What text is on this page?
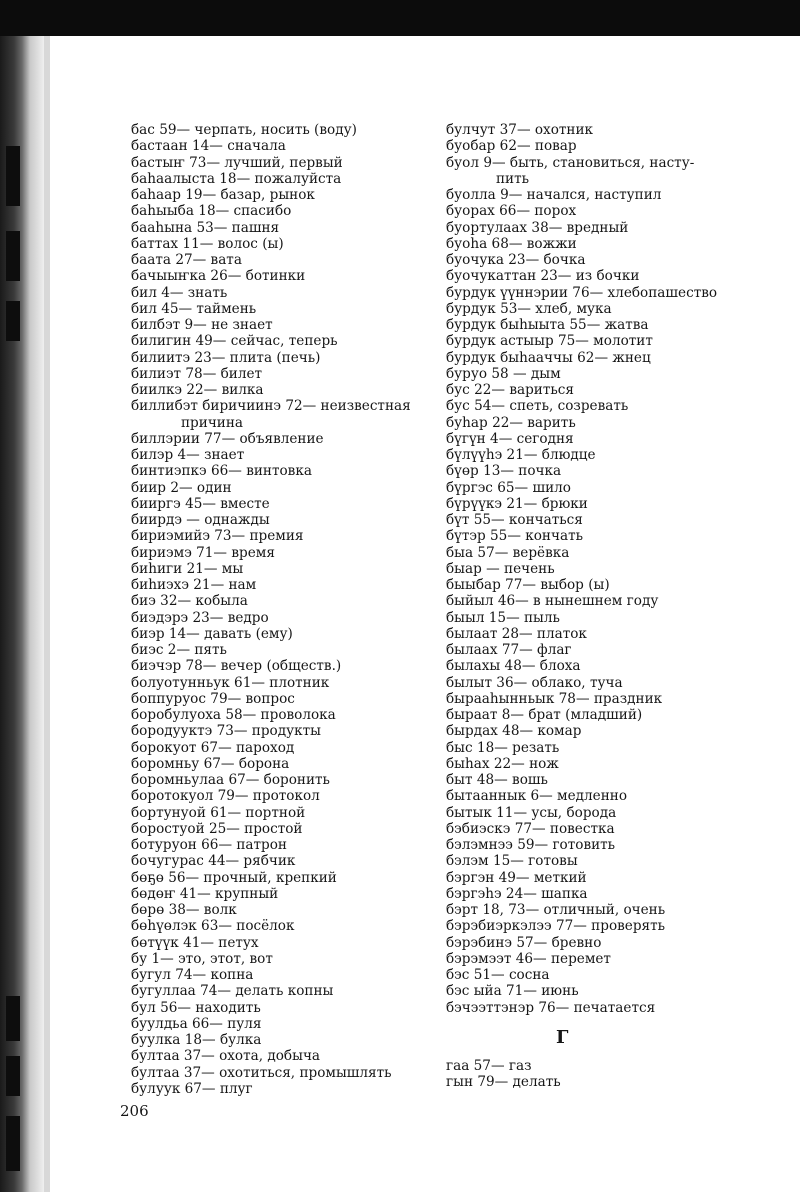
бас 59— черпать, носить (воду)
бастаан 14— сначала
бастыҥ 73— лучший, первый
баһаалыста 18— пожалуйста
баһаар 19— базар, рынок
баһыыба 18— спасибо
бааһына 53— пашня
баттах 11— волос (ы)
баата 27— вата
бачыыҥка 26— ботинки
бил 4— знать
бил 45— таймень
билбэт 9— не знает
билигин 49— сейчас, теперь
билиитэ 23— плита (печь)
билиэт 78— билет
биилкэ 22— вилка
биллибэт биричиинэ 72— неизвестная
причина
биллэрии 77— объявление
билэр 4— знает
бинтиэпкэ 66— винтовка
биир 2— один
бииргэ 45— вместе
биирдэ — однажды
бириэмийэ 73— премия
бириэмэ 71— время
биһиги 21— мы
биһиэхэ 21— нам
биэ 32— кобыла
биэдэрэ 23— ведро
биэр 14— давать (ему)
биэс 2— пять
биэчэр 78— вечер (обществ.)
болуотунньук 61— плотник
боппуруос 79— вопрос
боробулуоха 58— проволока
бородууктэ 73— продукты
борокуот 67— пароход
боромньу 67— борона
боромньулаа 67— боронить
боротокуол 79— протокол
бортунуой 61— портной
боростуой 25— простой
ботуруон 66— патрон
бочугурас 44— рябчик
бөҕө 56— прочный, крепкий
бөдөҥ 41— крупный
бөрө 38— волк
бөһүөлэк 63— посёлок
бөтүүк 41— петух
бу 1— это, этот, вот
бугул 74— копна
бугуллаа 74— делать копны
бул 56— находить
буулдьа 66— пуля
буулка 18— булка
бултаа 37— охота, добыча
бултаа 37— охотиться, промышлять
булуук 67— плуг
булчут 37— охотник
буобар 62— повар
буол 9— быть, становиться, насту-
пить
буолла 9— начался, наступил
буорах 66— порох
буортулаах 38— вредный
буоһа 68— вожжи
буочука 23— бочка
буочукаттан 23— из бочки
бурдук үүннэрии 76— хлебопашество
бурдук 53— хлеб, мука
бурдук быһыыта 55— жатва
бурдук астыыр 75— молотит
бурдук быһааччы 62— жнец
буруо 58 — дым
бус 22— вариться
бус 54— спеть, созревать
буһар 22— варить
бүгүн 4— сегодня
бүлүүһэ 21— блюдце
бүөр 13— почка
бүргэс 65— шило
бүрүүкэ 21— брюки
бүт 55— кончаться
бүтэр 55— кончать
быа 57— верёвка
быар — печень
быыбар 77— выбор (ы)
быйыл 46— в нынешнем году
быыл 15— пыль
былаат 28— платок
былаах 77— флаг
былахы 48— блоха
былыт 36— облако, туча
бырааһынньык 78— праздник
быраат 8— брат (младший)
бырдах 48— комар
быс 18— резать
быһах 22— нож
быт 48— вошь
бытааннык 6— медленно
бытык 11— усы, борода
бэбиэскэ 77— повестка
бэлэмнээ 59— готовить
бэлэм 15— готовы
бэргэн 49— меткий
бэргэһэ 24— шапка
бэрт 18, 73— отличный, очень
бэрэбиэркэлээ 77— проверять
бэрэбинэ 57— бревно
бэрэмээт 46— перемет
бэс 51— сосна
бэс ыйа 71— июнь
бэчээттэнэр 76— печатается
Г
гаа 57— газ
гын 79— делать
206
